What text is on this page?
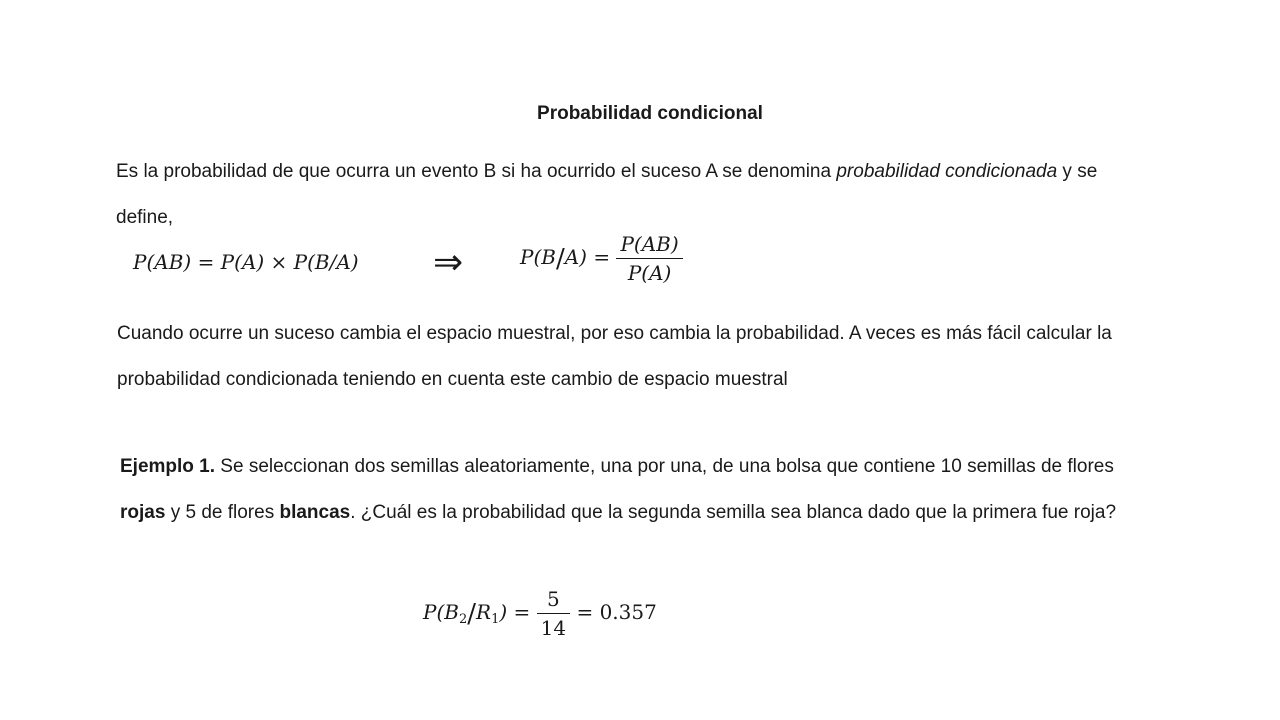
Probabilidad condicional
Es la probabilidad de que ocurra un evento B si ha ocurrido el suceso A se denomina probabilidad condicionada y se define,
P(AB) = P(A) × P(B/A) ⇒	$P(B/A) = \frac{P(AB)}{P(A)}$
Cuando ocurre un suceso cambia el espacio muestral, por eso cambia la probabilidad. A veces es más fácil calcular la probabilidad condicionada teniendo en cuenta este cambio de espacio muestral
Ejemplo 1. Se seleccionan dos semillas aleatoriamente, una por una, de una bolsa que contiene 10 semillas de flores rojas y 5 de flores blancas. ¿Cuál es la probabilidad que la segunda semilla sea blanca dado que la primera fue roja?
$P(B_2/R_1) = \frac{5}{14} = 0.357$
